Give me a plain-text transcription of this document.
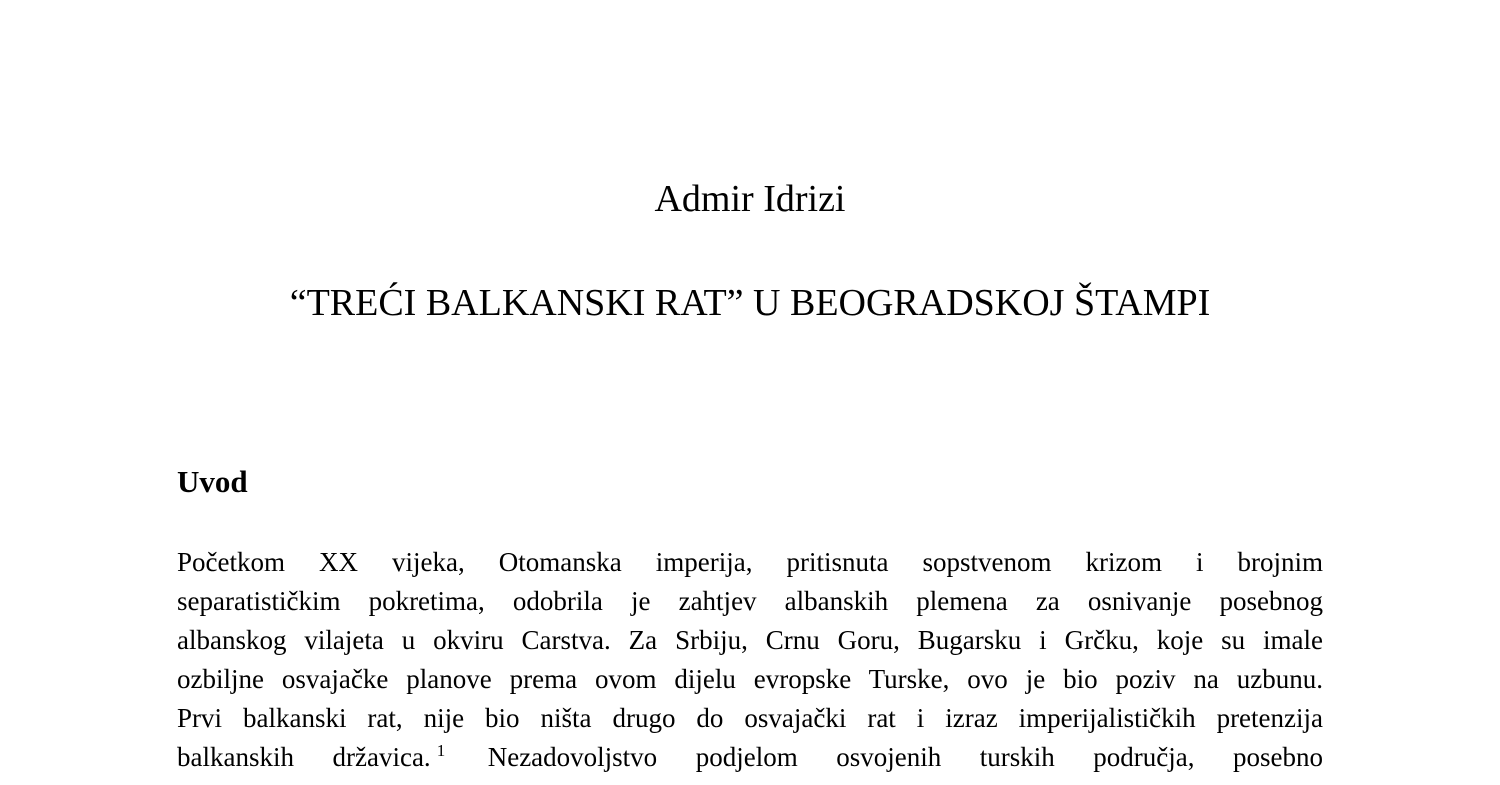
Admir Idrizi
“TREĆI BALKANSKI RAT” U BEOGRADSKOJ ŠTAMPI
Uvod
Početkom XX vijeka, Otomanska imperija, pritisnuta sopstvenom krizom i brojnim
separatističkim pokretima, odobrila je zahtjev albanskih plemena za osnivanje posebnog
albanskog vilajeta u okviru Carstva. Za Srbiju, Crnu Goru, Bugarsku i Grčku, koje su imale
ozbiljne osvajačke planove prema ovom dijelu evropske Turske, ovo je bio poziv na uzbunu.
Prvi balkanski rat, nije bio ništa drugo do osvajački rat i izraz imperijalističkih pretenzija
balkanskih državica. $^1$ Nezadovoljstvo podjelom osvojenih turskih područja, posebno
